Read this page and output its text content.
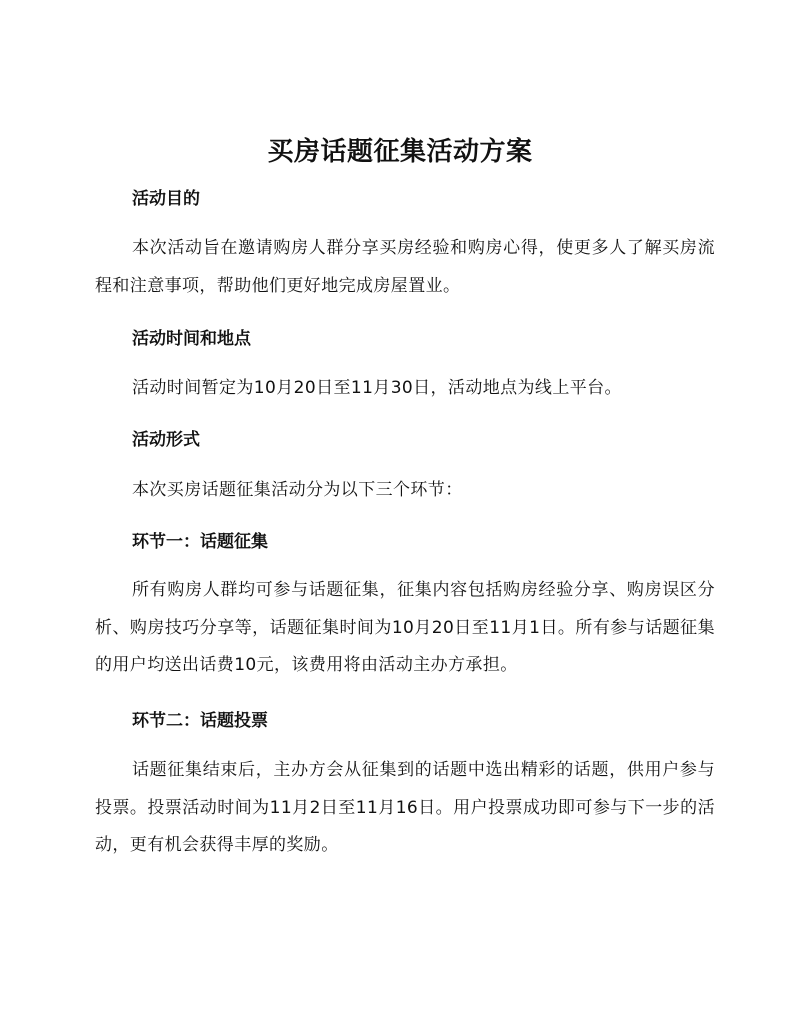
买房话题征集活动方案
活动目的
本次活动旨在邀请购房人群分享买房经验和购房心得，使更多人了解买房流程和注意事项，帮助他们更好地完成房屋置业。
活动时间和地点
活动时间暂定为10月20日至11月30日，活动地点为线上平台。
活动形式
本次买房话题征集活动分为以下三个环节：
环节一：话题征集
所有购房人群均可参与话题征集，征集内容包括购房经验分享、购房误区分析、购房技巧分享等，话题征集时间为10月20日至11月1日。所有参与话题征集的用户均送出话费10元，该费用将由活动主办方承担。
环节二：话题投票
话题征集结束后，主办方会从征集到的话题中选出精彩的话题，供用户参与投票。投票活动时间为11月2日至11月16日。用户投票成功即可参与下一步的活动，更有机会获得丰厚的奖励。
